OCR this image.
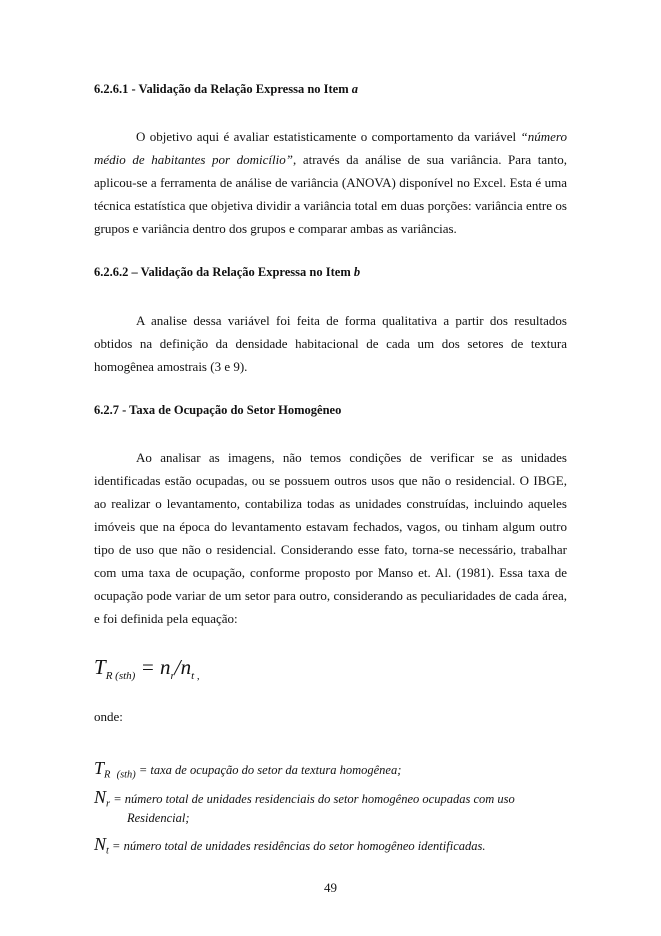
6.2.6.1 - Validação da Relação Expressa no Item a
O objetivo aqui é avaliar estatisticamente o comportamento da variável “número médio de habitantes por domicílio”, através da análise de sua variância. Para tanto, aplicou-se a ferramenta de análise de variância (ANOVA) disponível no Excel. Esta é uma técnica estatística que objetiva dividir a variância total em duas porções: variância entre os grupos e variância dentro dos grupos e comparar ambas as variâncias.
6.2.6.2 – Validação da Relação Expressa no Item b
A analise dessa variável foi feita de forma qualitativa a partir dos resultados obtidos na definição da densidade habitacional de cada um dos setores de textura homogênea amostrais (3 e 9).
6.2.7 - Taxa de Ocupação do Setor Homogêneo
Ao analisar as imagens, não temos condições de verificar se as unidades identificadas estão ocupadas, ou se possuem outros usos que não o residencial. O IBGE, ao realizar o levantamento, contabiliza todas as unidades construídas, incluindo aqueles imóveis que na época do levantamento estavam fechados, vagos, ou tinham algum outro tipo de uso que não o residencial. Considerando esse fato, torna-se necessário, trabalhar com uma taxa de ocupação, conforme proposto por Manso et. Al. (1981). Essa taxa de ocupação pode variar de um setor para outro, considerando as peculiaridades de cada área, e foi definida pela equação:
$T_{R (sth)} = n_r/n_{t ,}$
onde:
$T_R$ $_{(sth)}$ = taxa de ocupação do setor da textura homogênea;
$N_r$ = número total de unidades residenciais do setor homogêneo ocupadas com uso
Residencial;
$N_t$ = número total de unidades residências do setor homogêneo identificadas.
49
